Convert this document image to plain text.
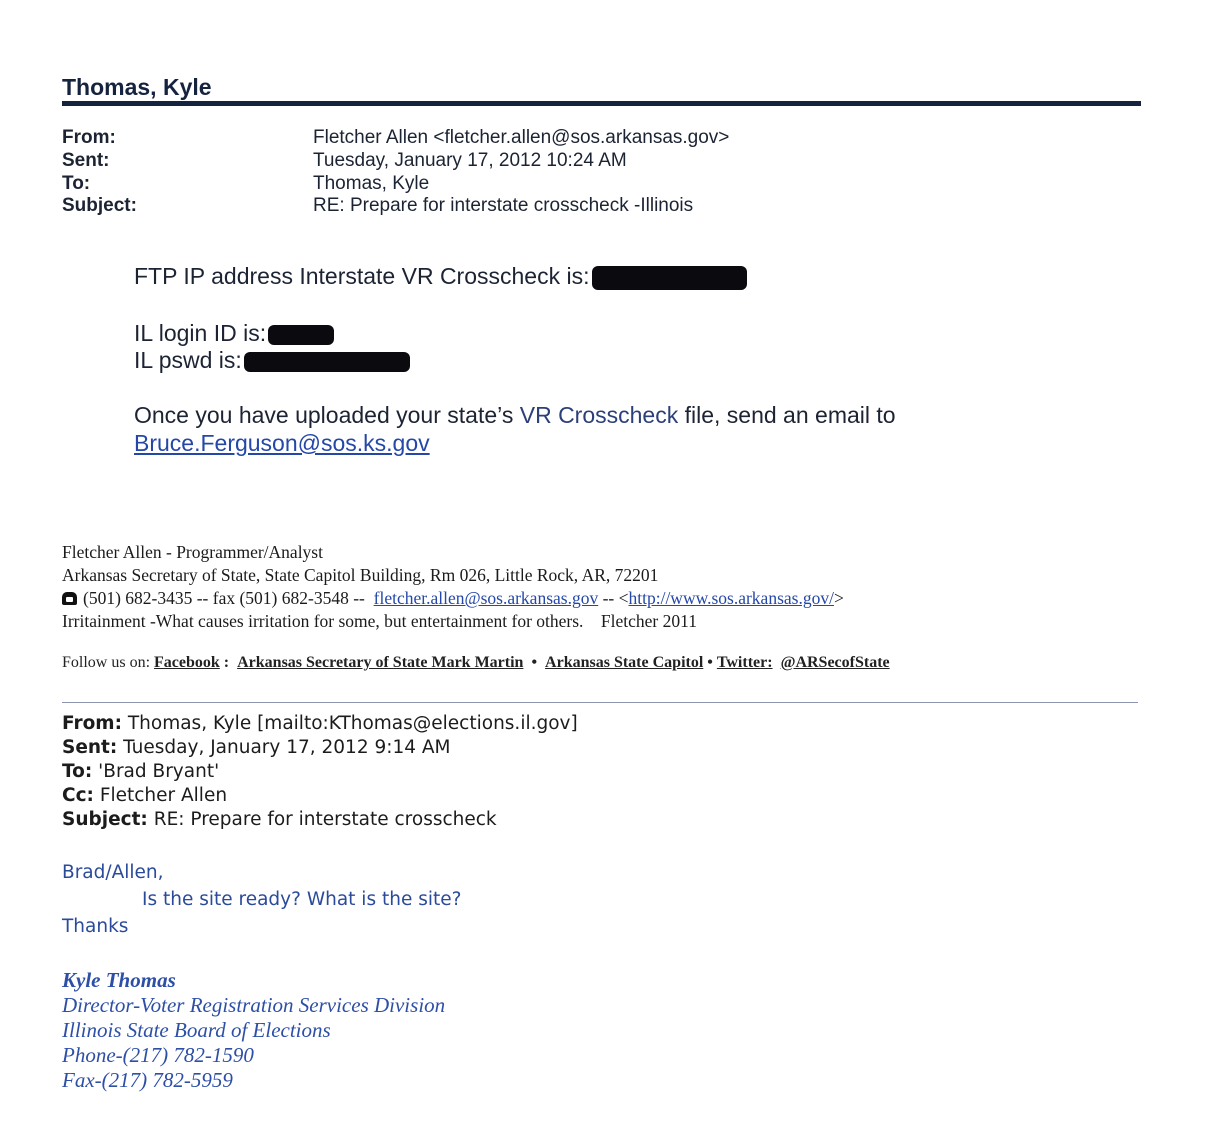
Thomas, Kyle
From:	Fletcher Allen <fletcher.allen@sos.arkansas.gov>
Sent:	Tuesday, January 17, 2012 10:24 AM
To:	Thomas, Kyle
Subject:	RE: Prepare for interstate crosscheck -Illinois
FTP IP address Interstate VR Crosscheck is:
IL login ID is:
IL pswd is:
Once you have uploaded your state’s VR Crosscheck file, send an email to
Bruce.Ferguson@sos.ks.gov
Fletcher Allen - Programmer/Analyst
Arkansas Secretary of State, State Capitol Building, Rm 026, Little Rock, AR, 72201
(501) 682-3435 -- fax (501) 682-3548 -- fletcher.allen@sos.arkansas.gov -- <http://www.sos.arkansas.gov/>
Irritainment -What causes irritation for some, but entertainment for others. Fletcher 2011
Follow us on: Facebook : Arkansas Secretary of State Mark Martin • Arkansas State Capitol • Twitter: @ARSecofState
From: Thomas, Kyle [mailto:KThomas@elections.il.gov]
Sent: Tuesday, January 17, 2012 9:14 AM
To: 'Brad Bryant'
Cc: Fletcher Allen
Subject: RE: Prepare for interstate crosscheck
Brad/Allen,
Is the site ready? What is the site?
Thanks
Kyle Thomas
Director-Voter Registration Services Division
Illinois State Board of Elections
Phone-(217) 782-1590
Fax-(217) 782-5959
